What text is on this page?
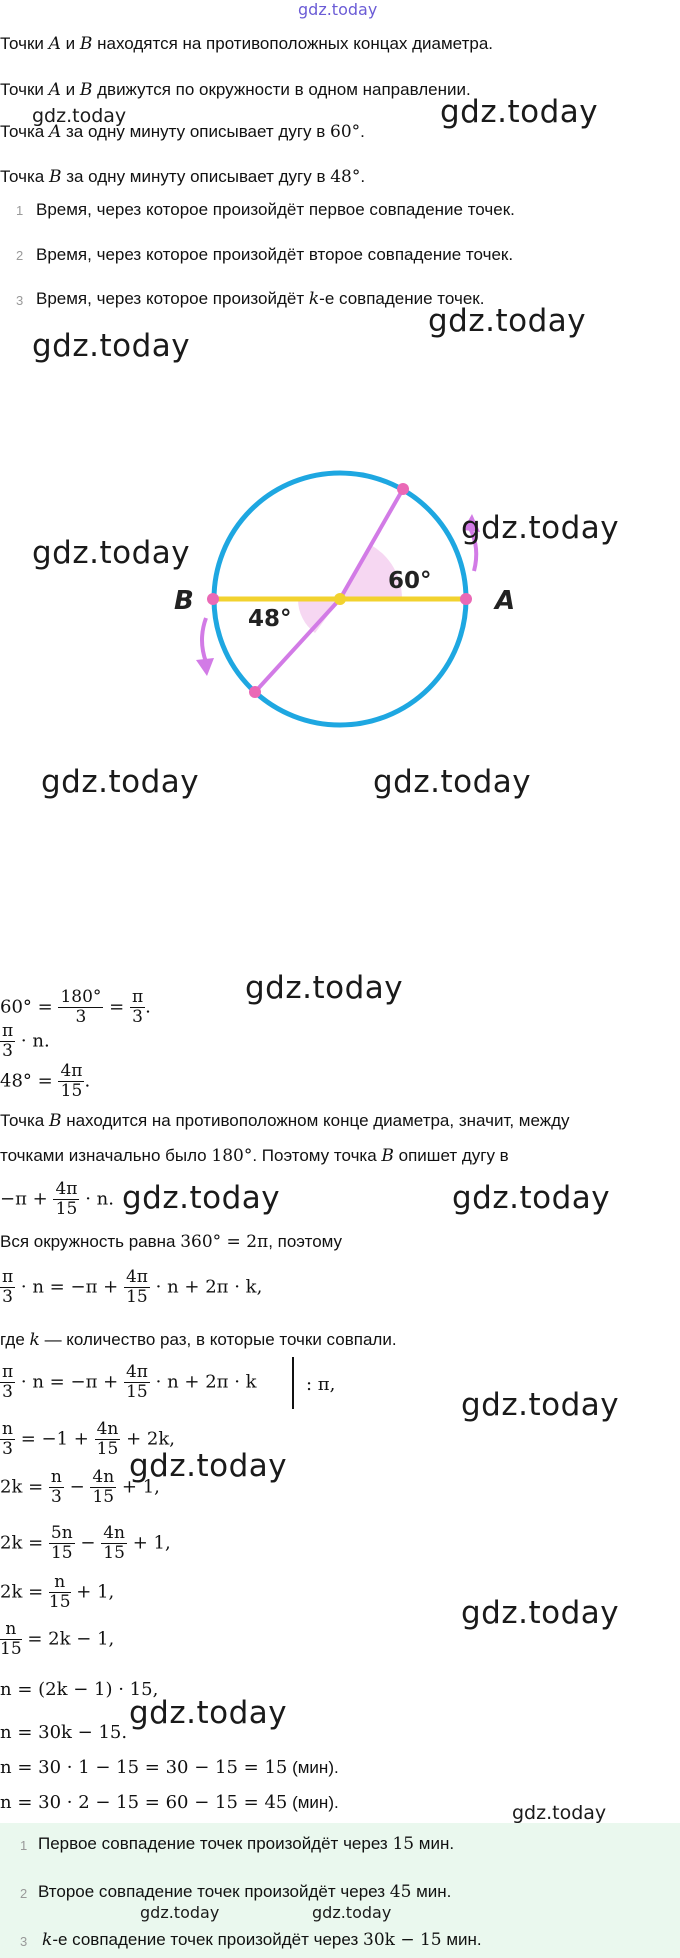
gdz.today
Точки A и B находятся на противоположных концах диаметра.
Точки A и B движутся по окружности в одном направлении.
Точка A за одну минуту описывает дугу в 60°.
Точка B за одну минуту описывает дугу в 48°.
1 Время, через которое произойдёт первое совпадение точек.
2 Время, через которое произойдёт второе совпадение точек.
3 Время, через которое произойдёт k-е совпадение точек.
A
B
60°
48°
$60^\circ = \frac{180^\circ}{3} = \frac{\pi}{3}$ .
$\frac{\pi}{3} \cdot n$.
$48^\circ = \frac{4\pi}{15}$ .
Точка B находится на противоположном конце диаметра, значит, между
точками изначально было 180°. Поэтому точка B опишет дугу в
$-\pi + \frac{4\pi}{15} \cdot n$.
Вся окружность равна 360° = 2π, поэтому
$\frac{\pi}{3} \cdot n = -\pi + \frac{4\pi}{15} \cdot n + 2\pi \cdot k$,
где k — количество раз, в которые точки совпали.
$\frac{\pi}{3} \cdot n = -\pi + \frac{4\pi}{15} \cdot n + 2\pi \cdot k$	: π,
$\frac{n}{3} = -1 + \frac{4n}{15} + 2k$,
$2k = \frac{n}{3} - \frac{4n}{15} + 1$,
$2k = \frac{5n}{15} - \frac{4n}{15} + 1$,
$2k = \frac{n}{15} + 1$,
$\frac{n}{15} = 2k - 1$,
n = (2k − 1) · 15,
n = 30k − 15.
n = 30 · 1 − 15 = 30 − 15 = 15 (мин).
n = 30 · 2 − 15 = 60 − 15 = 45 (мин).
1 Первое совпадение точек произойдёт через 15 мин.
2 Второе совпадение точек произойдёт через 45 мин.
3 k-е совпадение точек произойдёт через 30k − 15 мин.
gdz.today	gdz.today
gdz.today
gdz.today
gdz.today
gdz.today
gdz.today	gdz.today
gdz.today
gdz.today	gdz.today
gdz.today
gdz.today
gdz.today
gdz.today
gdz.today
gdz.today	gdz.today
